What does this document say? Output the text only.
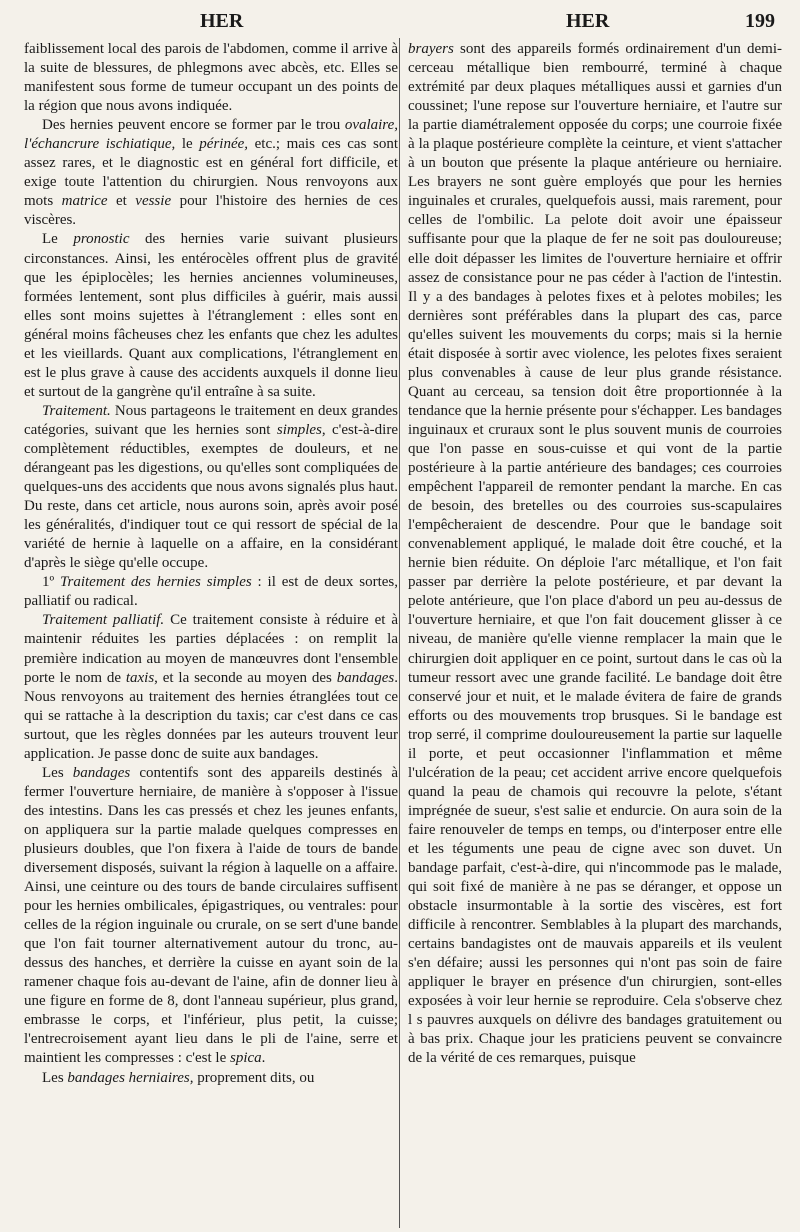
HER	HER	199

faiblissement local des parois de l'abdomen, comme il arrive à la suite de blessures, de phlegmons avec abcès, etc. Elles se manifestent sous forme de tumeur occupant un des points de la région que nous avons indiquée.

Des hernies peuvent encore se former par le trou ovalaire, l'échancrure ischiatique, le périnée, etc.; mais ces cas sont assez rares, et le diagnostic est en général fort difficile, et exige toute l'attention du chirurgien. Nous renvoyons aux mots matrice et vessie pour l'histoire des hernies de ces viscères.

Le pronostic des hernies varie suivant plusieurs circonstances. Ainsi, les entérocèles offrent plus de gravité que les épiplocèles; les hernies anciennes volumineuses, formées lentement, sont plus difficiles à guérir, mais aussi elles sont moins sujettes à l'étranglement : elles sont en général moins fâcheuses chez les enfants que chez les adultes et les vieillards. Quant aux complications, l'étranglement en est le plus grave à cause des accidents auxquels il donne lieu et surtout de la gangrène qu'il entraîne à sa suite.

Traitement. Nous partageons le traitement en deux grandes catégories, suivant que les hernies sont simples, c'est-à-dire complètement réductibles, exemptes de douleurs, et ne dérangeant pas les digestions, ou qu'elles sont compliquées de quelques-uns des accidents que nous avons signalés plus haut. Du reste, dans cet article, nous aurons soin, après avoir posé les généralités, d'indiquer tout ce qui ressort de spécial de la variété de hernie à laquelle on a affaire, en la considérant d'après le siège qu'elle occupe.

1º Traitement des hernies simples : il est de deux sortes, palliatif ou radical.

Traitement palliatif. Ce traitement consiste à réduire et à maintenir réduites les parties déplacées : on remplit la première indication au moyen de manœuvres dont l'ensemble porte le nom de taxis, et la seconde au moyen des bandages. Nous renvoyons au traitement des hernies étranglées tout ce qui se rattache à la description du taxis; car c'est dans ce cas surtout, que les règles données par les auteurs trouvent leur application. Je passe donc de suite aux bandages.

Les bandages contentifs sont des appareils destinés à fermer l'ouverture herniaire, de manière à s'opposer à l'issue des intestins. Dans les cas pressés et chez les jeunes enfants, on appliquera sur la partie malade quelques compresses en plusieurs doubles, que l'on fixera à l'aide de tours de bande diversement disposés, suivant la région à laquelle on a affaire. Ainsi, une ceinture ou des tours de bande circulaires suffisent pour les hernies ombilicales, épigastriques, ou ventrales: pour celles de la région inguinale ou crurale, on se sert d'une bande que l'on fait tourner alternativement autour du tronc, au-dessus des hanches, et derrière la cuisse en ayant soin de la ramener chaque fois au-devant de l'aine, afin de donner lieu à une figure en forme de 8, dont l'anneau supérieur, plus grand, embrasse le corps, et l'inférieur, plus petit, la cuisse; l'entrecroisement ayant lieu dans le pli de l'aine, serre et maintient les compresses : c'est le spica.

Les bandages herniaires, proprement dits, ou

brayers sont des appareils formés ordinairement d'un demi-cerceau métallique bien rembourré, terminé à chaque extrémité par deux plaques métalliques aussi et garnies d'un coussinet; l'une repose sur l'ouverture herniaire, et l'autre sur la partie diamétralement opposée du corps; une courroie fixée à la plaque postérieure complète la ceinture, et vient s'attacher à un bouton que présente la plaque antérieure ou herniaire. Les brayers ne sont guère employés que pour les hernies inguinales et crurales, quelquefois aussi, mais rarement, pour celles de l'ombilic. La pelote doit avoir une épaisseur suffisante pour que la plaque de fer ne soit pas douloureuse; elle doit dépasser les limites de l'ouverture herniaire et offrir assez de consistance pour ne pas céder à l'action de l'intestin. Il y a des bandages à pelotes fixes et à pelotes mobiles; les dernières sont préférables dans la plupart des cas, parce qu'elles suivent les mouvements du corps; mais si la hernie était disposée à sortir avec violence, les pelotes fixes seraient plus convenables à cause de leur plus grande résistance. Quant au cerceau, sa tension doit être proportionnée à la tendance que la hernie présente pour s'échapper. Les bandages inguinaux et cruraux sont le plus souvent munis de courroies que l'on passe en sous-cuisse et qui vont de la partie postérieure à la partie antérieure des bandages; ces courroies empêchent l'appareil de remonter pendant la marche. En cas de besoin, des bretelles ou des courroies sus-scapulaires l'empêcheraient de descendre. Pour que le bandage soit convenablement appliqué, le malade doit être couché, et la hernie bien réduite. On déploie l'arc métallique, et l'on fait passer par derrière la pelote postérieure, et par devant la pelote antérieure, que l'on place d'abord un peu au-dessus de l'ouverture herniaire, et que l'on fait doucement glisser à ce niveau, de manière qu'elle vienne remplacer la main que le chirurgien doit appliquer en ce point, surtout dans le cas où la tumeur ressort avec une grande facilité. Le bandage doit être conservé jour et nuit, et le malade évitera de faire de grands efforts ou des mouvements trop brusques. Si le bandage est trop serré, il comprime douloureusement la partie sur laquelle il porte, et peut occasionner l'inflammation et même l'ulcération de la peau; cet accident arrive encore quelquefois quand la peau de chamois qui recouvre la pelote, s'étant imprégnée de sueur, s'est salie et endurcie. On aura soin de la faire renouveler de temps en temps, ou d'interposer entre elle et les téguments une peau de cigne avec son duvet. Un bandage parfait, c'est-à-dire, qui n'incommode pas le malade, qui soit fixé de manière à ne pas se déranger, et oppose un obstacle insurmontable à la sortie des viscères, est fort difficile à rencontrer. Semblables à la plupart des marchands, certains bandagistes ont de mauvais appareils et ils veulent s'en défaire; aussi les personnes qui n'ont pas soin de faire appliquer le brayer en présence d'un chirurgien, sont-elles exposées à voir leur hernie se reproduire. Cela s'observe chez l s pauvres auxquels on délivre des bandages gratuitement ou à bas prix. Chaque jour les praticiens peuvent se convaincre de la vérité de ces remarques, puisque
